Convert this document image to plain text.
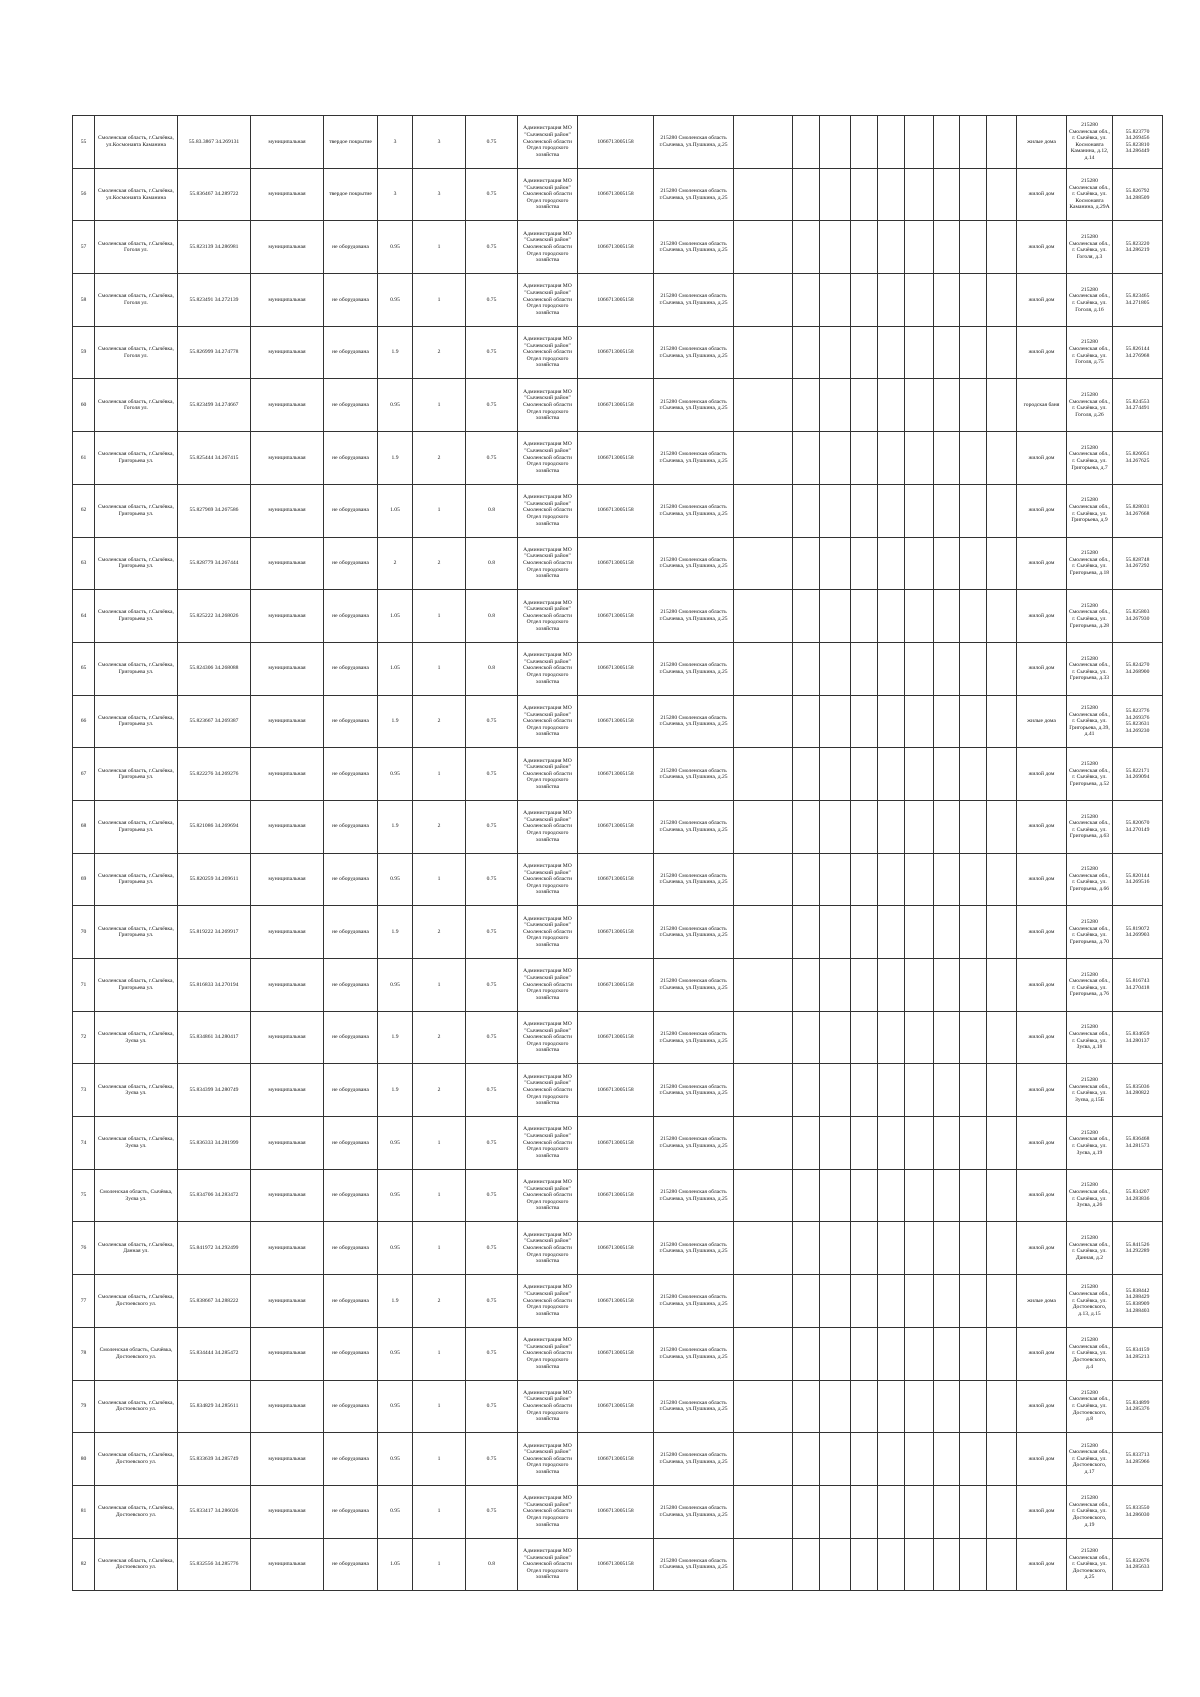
55	Смоленская область, г.Сычёвка, ул.Космонавта Каманина	55.83.3867 34.269131	муниципальная	твердое покрытие	3	3	0.75	Администрация МО "Сычевский район" Смоленской области Отдел городского хозяйства	1066713005158	215280 Смоленская область г.Сычевка, ул.Пушкина, д.25										жилые дома	215280 Смоленская обл., г. Сычёвка, ул. Космонавта Каманина, д.12, д.14	55.823770 34.269456 55.823810 34.286449
56	Смоленская область, г.Сычёвка, ул.Космонавта Каманина	55.836467 34.289722	муниципальная	твердое покрытие	3	3	0.75	Администрация МО "Сычевский район" Смоленской области Отдел городского хозяйства	1066713005158	215280 Смоленская область г.Сычевка, ул.Пушкина, д.25										жилой дом	215280 Смоленская обл., г. Сычёвка, ул. Космонавта Каманина, д.29А	55.826792 34.288509
57	Смоленская область, г.Сычёвка, Гоголя ул.	55.823139 34.286981	муниципальная	не оборудована	0.95	1	0.75	Администрация МО "Сычевский район" Смоленской области Отдел городского хозяйства	1066713005158	215280 Смоленская область г.Сычевка, ул.Пушкина, д.25										жилой дом	215280 Смоленская обл., г. Сычёвка, ул. Гоголя, д.3	55.823220 34.286219
58	Смоленская область, г.Сычёвка, Гоголя ул.	55.823491 34.272139	муниципальная	не оборудована	0.95	1	0.75	Администрация МО "Сычевский район" Смоленской области Отдел городского хозяйства	1066713005158	215280 Смоленская область г.Сычевка, ул.Пушкина, д.25										жилой дом	215280 Смоленская обл., г. Сычёвка, ул. Гоголя, д.16	55.823465 34.271805
59	Смоленская область, г.Сычёвка, Гоголя ул.	55.826999 34.274778	муниципальная	не оборудована	1.9	2	0.75	Администрация МО "Сычевский район" Смоленской области Отдел городского хозяйства	1066713005158	215280 Смоленская область г.Сычевка, ул.Пушкина, д.25										жилой дом	215280 Смоленская обл., г. Сычёвка, ул. Гоголя, д.75	55.826144 34.276968
60	Смоленская область, г.Сычёвка, Гоголя ул.	55.823499 34.274667	муниципальная	не оборудована	0.95	1	0.75	Администрация МО "Сычевский район" Смоленской области Отдел городского хозяйства	1066713005158	215280 Смоленская область г.Сычевка, ул.Пушкина, д.25										городская баня	215280 Смоленская обл., г. Сычёвка, ул. Гоголя, д.26	55.824553 34.274491
61	Смоленская область, г.Сычёвка, Григорьева ул.	55.825444 34.267415	муниципальная	не оборудована	1.9	2	0.75	Администрация МО "Сычевский район" Смоленской области Отдел городского хозяйства	1066713005158	215280 Смоленская область г.Сычевка, ул.Пушкина, д.25										жилой дом	215280 Смоленская обл., г. Сычёвка, ул. Григорьева, д.7	55.826051 34.267625
62	Смоленская область, г.Сычёвка, Григорьева ул.	55.827969 34.267586	муниципальная	не оборудована	1.05	1	0.8	Администрация МО "Сычевский район" Смоленской области Отдел городского хозяйства	1066713005158	215280 Смоленская область г.Сычевка, ул.Пушкина, д.25										жилой дом	215280 Смоленская обл., г. Сычёвка, ул. Григорьева, д.9	55.828031 34.267668
63	Смоленская область, г.Сычёвка, Григорьева ул.	55.828779 34.267444	муниципальная	не оборудована	2	2	0.8	Администрация МО "Сычевский район" Смоленской области Отдел городского хозяйства	1066713005158	215280 Смоленская область г.Сычевка, ул.Пушкина, д.25										жилой дом	215280 Смоленская обл., г. Сычёвка, ул. Григорьева, д.18	55.828748 34.267292
64	Смоленская область, г.Сычёвка, Григорьева ул.	55.825222 34.268026	муниципальная	не оборудована	1.05	1	0.8	Администрация МО "Сычевский район" Смоленской области Отдел городского хозяйства	1066713005158	215280 Смоленская область г.Сычевка, ул.Пушкина, д.25										жилой дом	215280 Смоленская обл., г. Сычёвка, ул. Григорьева, д.28	55.825803 34.267930
65	Смоленская область, г.Сычёвка, Григорьева ул.	55.824306 34.268088	муниципальная	не оборудована	1.05	1	0.8	Администрация МО "Сычевский район" Смоленской области Отдел городского хозяйства	1066713005158	215280 Смоленская область г.Сычевка, ул.Пушкина, д.25										жилой дом	215280 Смоленская обл., г. Сычёвка, ул. Григорьева, д.33	55.824270 34.268900
66	Смоленская область, г.Сычёвка, Григорьева ул.	55.823667 34.269387	муниципальная	не оборудована	1.9	2	0.75	Администрация МО "Сычевский район" Смоленской области Отдел городского хозяйства	1066713005158	215280 Смоленская область г.Сычевка, ул.Пушкина, д.25										жилые дома	215280 Смоленская обл., г. Сычёвка, ул. Григорьева, д.39, д.41	55.823776 34.269376 55.823631 34.269230
67	Смоленская область, г.Сычёвка, Григорьева ул.	55.822276 34.269276	муниципальная	не оборудована	0.95	1	0.75	Администрация МО "Сычевский район" Смоленской области Отдел городского хозяйства	1066713005158	215280 Смоленская область г.Сычевка, ул.Пушкина, д.25										жилой дом	215280 Смоленская обл., г. Сычёвка, ул. Григорьева, д.52	55.822171 34.269094
68	Смоленская область, г.Сычёвка, Григорьева ул.	55.821086 34.269694	муниципальная	не оборудована	1.9	2	0.75	Администрация МО "Сычевский район" Смоленской области Отдел городского хозяйства	1066713005158	215280 Смоленская область г.Сычевка, ул.Пушкина, д.25										жилой дом	215280 Смоленская обл., г. Сычёвка, ул. Григорьева, д.63	55.820670 34.270149
69	Смоленская область, г.Сычёвка, Григорьева ул.	55.820259 34.269611	муниципальная	не оборудована	0.95	1	0.75	Администрация МО "Сычевский район" Смоленской области Отдел городского хозяйства	1066713005158	215280 Смоленская область г.Сычевка, ул.Пушкина, д.25										жилой дом	215280 Смоленская обл., г. Сычёвка, ул. Григорьева, д.66	55.820144 34.269516
70	Смоленская область, г.Сычёвка, Григорьева ул.	55.819222 34.269917	муниципальная	не оборудована	1.9	2	0.75	Администрация МО "Сычевский район" Смоленской области Отдел городского хозяйства	1066713005158	215280 Смоленская область г.Сычевка, ул.Пушкина, д.25										жилой дом	215280 Смоленская обл., г. Сычёвка, ул. Григорьева, д.70	55.819072 34.269903
71	Смоленская область, г.Сычёвка, Григорьева ул.	55.816833 34.270194	муниципальная	не оборудована	0.95	1	0.75	Администрация МО "Сычевский район" Смоленской области Отдел городского хозяйства	1066713005158	215280 Смоленская область г.Сычевка, ул.Пушкина, д.25										жилой дом	215280 Смоленская обл., г. Сычёвка, ул. Григорьева, д.76	55.816743 34.270418
72	Смоленская область, г.Сычёвка, Зуєва ул.	55.834861 34.280417	муниципальная	не оборудована	1.9	2	0.75	Администрация МО "Сычевский район" Смоленской области Отдел городского хозяйства	1066713005158	215280 Смоленская область г.Сычевка, ул.Пушкина, д.25										жилой дом	215280 Смоленская обл., г. Сычёвка, ул. Зуєва, д.18	55.834659 34.280137
73	Смоленская область, г.Сычёвка, Зуєва ул.	55.834399 34.280749	муниципальная	не оборудована	1.9	2	0.75	Администрация МО "Сычевский район" Смоленской области Отдел городского хозяйства	1066713005158	215280 Смоленская область г.Сычевка, ул.Пушкина, д.25										жилой дом	215280 Смоленская обл., г. Сычёвка, ул. Зуєва, д.15Б	55.835036 34.280822
74	Смоленская область, г.Сычёвка, Зуєва ул.	55.836333 34.281999	муниципальная	не оборудована	0.95	1	0.75	Администрация МО "Сычевский район" Смоленской области Отдел городского хозяйства	1066713005158	215280 Смоленская область г.Сычевка, ул.Пушкина, д.25										жилой дом	215280 Смоленская обл., г. Сычёвка, ул. Зуєва, д.19	55.836468 34.281573
75	Смоленская область, Сычёвка, Зуєва ул.	55.834706 34.283472	муниципальная	не оборудована	0.95	1	0.75	Администрация МО "Сычевский район" Смоленской области Отдел городского хозяйства	1066713005158	215280 Смоленская область г.Сычевка, ул.Пушкина, д.25										жилой дом	215280 Смоленская обл., г. Сычёвка, ул. Зуєва, д.26	55.834207 34.283836
76	Смоленская область, г.Сычёвка, Данная ул.	55.841972 34.292499	муниципальная	не оборудована	0.95	1	0.75	Администрация МО "Сычевский район" Смоленской области Отдел городского хозяйства	1066713005158	215280 Смоленская область г.Сычевка, ул.Пушкина, д.25										жилой дом	215280 Смоленская обл., г. Сычёвка, ул. Данная, д.2	55.841526 34.292289
77	Смоленская область, г.Сычёвка, Достоевского ул.	55.838667 34.288222	муниципальная	не оборудована	1.9	2	0.75	Администрация МО "Сычевский район" Смоленской области Отдел городского хозяйства	1066713005158	215280 Смоленская область г.Сычевка, ул.Пушкина, д.25										жилые дома	215280 Смоленская обл., г. Сычёвка, ул. Достоевского, д.13, д.15	55.838442 34.288429 55.838909 34.288403
78	Смоленская область, Сычёвка, Достоевского ул.	55.834444 34.285472	муниципальная	не оборудована	0.95	1	0.75	Администрация МО "Сычевский район" Смоленской области Отдел городского хозяйства	1066713005158	215280 Смоленская область г.Сычевка, ул.Пушкина, д.25										жилой дом	215280 Смоленская обл., г. Сычёвка, ул. Достоевского, д.4	55.834159 34.285213
79	Смоленская область, г.Сычёвка, Достоевского ул.	55.834829 34.285611	муниципальная	не оборудована	0.95	1	0.75	Администрация МО "Сычевский район" Смоленской области Отдел городского хозяйства	1066713005158	215280 Смоленская область г.Сычевка, ул.Пушкина, д.25										жилой дом	215280 Смоленская обл., г. Сычёвка, ул. Достоевского, д.8	55.834899 34.285376
80	Смоленская область, г.Сычёвка, Достоевского ул.	55.833639 34.285749	муниципальная	не оборудована	0.95	1	0.75	Администрация МО "Сычевский район" Смоленской области Отдел городского хозяйства	1066713005158	215280 Смоленская область г.Сычевка, ул.Пушкина, д.25										жилой дом	215280 Смоленская обл., г. Сычёвка, ул. Достоевского, д.17	55.833713 34.285966
81	Смоленская область, г.Сычёвка, Достоевского ул.	55.833417 34.286026	муниципальная	не оборудована	0.95	1	0.75	Администрация МО "Сычевский район" Смоленской области Отдел городского хозяйства	1066713005158	215280 Смоленская область г.Сычевка, ул.Пушкина, д.25										жилой дом	215280 Смоленская обл., г. Сычёвка, ул. Достоевского, д.19	55.833550 34.286030
82	Смоленская область, г.Сычёвка, Достоевского ул.	55.832556 34.285776	муниципальная	не оборудована	1.05	1	0.8	Администрация МО "Сычевский район" Смоленской области Отдел городского хозяйства	1066713005158	215280 Смоленская область г.Сычевка, ул.Пушкина, д.25										жилой дом	215280 Смоленская обл., г. Сычёвка, ул. Достоевского, д.25	55.832676 34.285633
